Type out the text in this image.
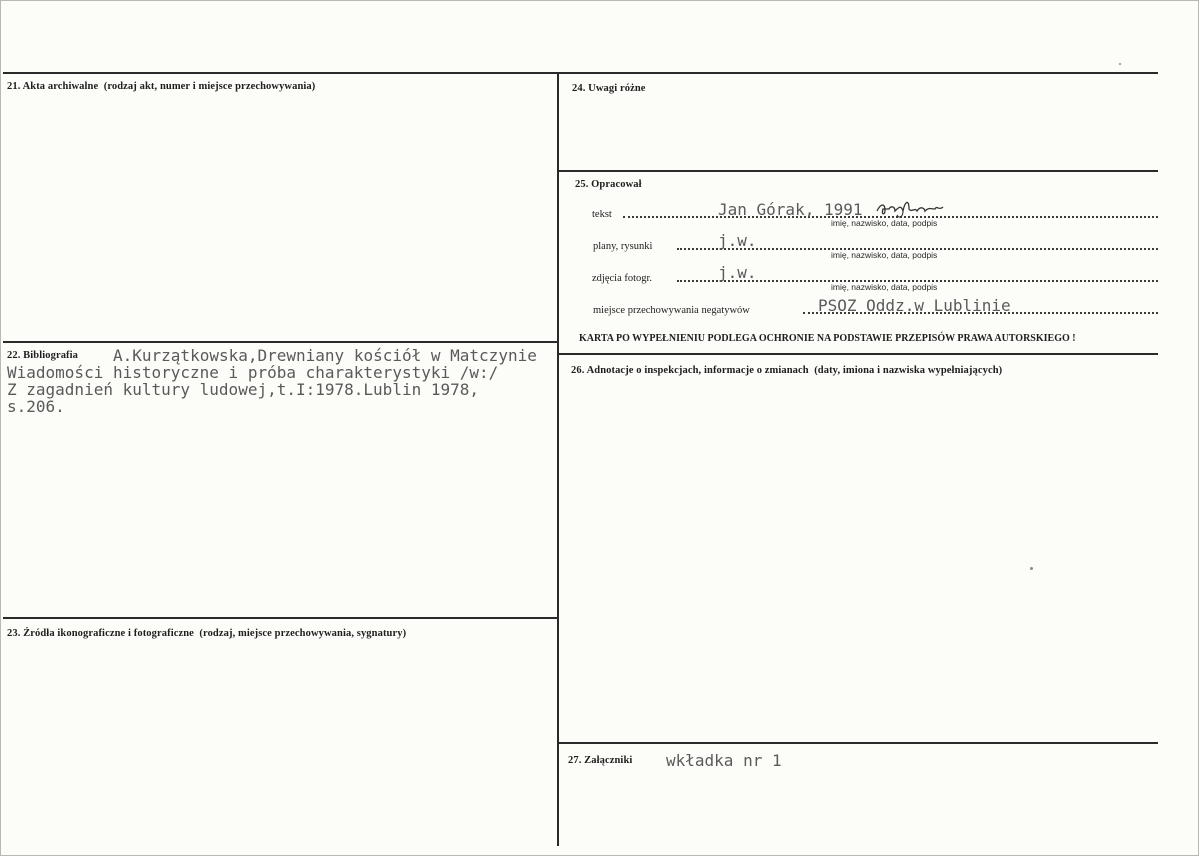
21. Akta archiwalne (rodzaj akt, numer i miejsce przechowywania)
22. Bibliografia A.Kurzątkowska,Drewniany kościół w Matczynie
Wiadomości historyczne i próba charakterystyki /w:/
Z zagadnień kultury ludowej,t.I:1978.Lublin 1978,
s.206.
23. Źródła ikonograficzne i fotograficzne (rodzaj, miejsce przechowywania, sygnatury)
24. Uwagi różne
25. Opracował
tekst	Jan Górak, 1991
imię, nazwisko, data, podpis
plany, rysunki	j.w.
imię, nazwisko, data, podpis
zdjęcia fotogr.	j.w.
imię, nazwisko, data, podpis
miejsce przechowywania negatywów	PSOZ Oddz.w Lublinie
KARTA PO WYPEŁNIENIU PODLEGA OCHRONIE NA PODSTAWIE PRZEPISÓW PRAWA AUTORSKIEGO !
26. Adnotacje o inspekcjach, informacje o zmianach (daty, imiona i nazwiska wypełniających)
27. Załączniki wkładka nr 1
